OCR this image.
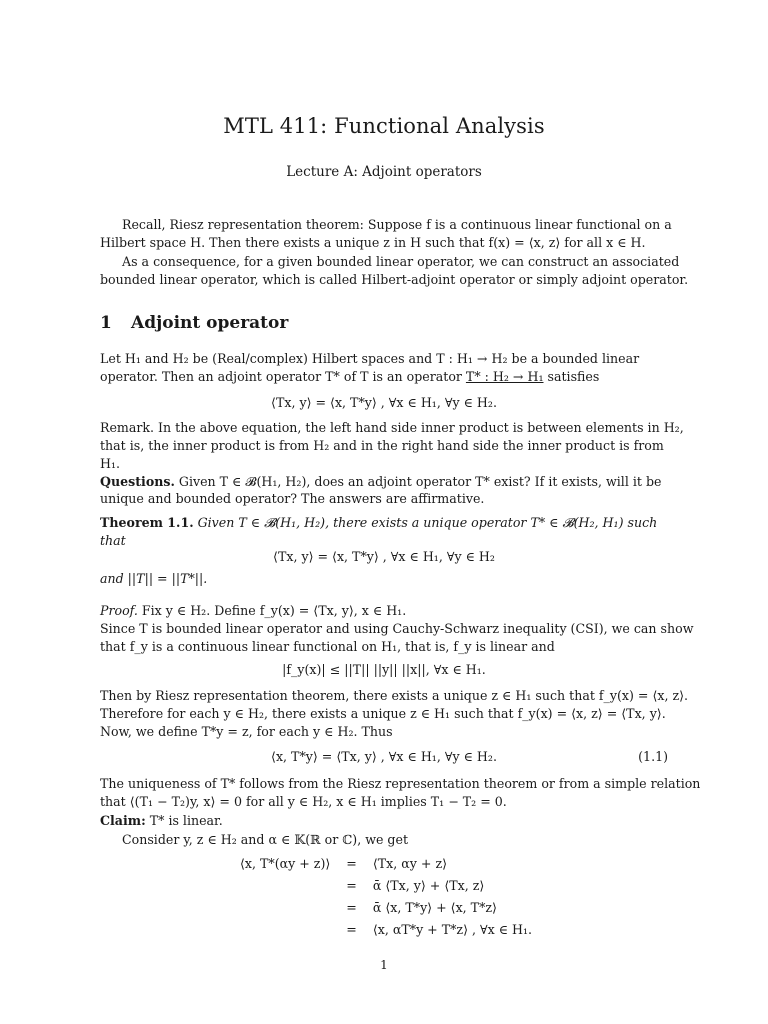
MTL 411: Functional Analysis
Lecture A: Adjoint operators
Recall, Riesz representation theorem: Suppose f is a continuous linear functional on a
Hilbert space H. Then there exists a unique z in H such that f(x) = ⟨x, z⟩ for all x ∈ H.
As a consequence, for a given bounded linear operator, we can construct an associated
bounded linear operator, which is called Hilbert-adjoint operator or simply adjoint operator.
1 Adjoint operator
Let H₁ and H₂ be (Real/complex) Hilbert spaces and T : H₁ → H₂ be a bounded linear
operator. Then an adjoint operator T* of T is an operator T* : H₂ → H₁ satisfies
⟨Tx, y⟩ = ⟨x, T*y⟩ , ∀x ∈ H₁, ∀y ∈ H₂.
Remark. In the above equation, the left hand side inner product is between elements in H₂,
that is, the inner product is from H₂ and in the right hand side the inner product is from
H₁.
Questions. Given T ∈ 𝓑(H₁, H₂), does an adjoint operator T* exist? If it exists, will it be
unique and bounded operator? The answers are affirmative.
Theorem 1.1. Given T ∈ 𝓑(H₁, H₂), there exists a unique operator T* ∈ 𝓑(H₂, H₁) such
that
⟨Tx, y⟩ = ⟨x, T*y⟩ , ∀x ∈ H₁, ∀y ∈ H₂
and ||T|| = ||T*||.
Proof. Fix y ∈ H₂. Define f_y(x) = ⟨Tx, y⟩, x ∈ H₁.
Since T is bounded linear operator and using Cauchy-Schwarz inequality (CSI), we can show
that f_y is a continuous linear functional on H₁, that is, f_y is linear and
|f_y(x)| ≤ ||T|| ||y|| ||x||, ∀x ∈ H₁.
Then by Riesz representation theorem, there exists a unique z ∈ H₁ such that f_y(x) = ⟨x, z⟩.
Therefore for each y ∈ H₂, there exists a unique z ∈ H₁ such that f_y(x) = ⟨x, z⟩ = ⟨Tx, y⟩.
Now, we define T*y = z, for each y ∈ H₂. Thus
⟨x, T*y⟩ = ⟨Tx, y⟩ , ∀x ∈ H₁, ∀y ∈ H₂.	(1.1)
The uniqueness of T* follows from the Riesz representation theorem or from a simple relation
that ⟨(T₁ − T₂)y, x⟩ = 0 for all y ∈ H₂, x ∈ H₁ implies T₁ − T₂ = 0.
Claim: T* is linear.
Consider y, z ∈ H₂ and α ∈ 𝕂(ℝ or ℂ), we get
⟨x, T*(αy + z)⟩	=	⟨Tx, αy + z⟩
	=	ᾱ ⟨Tx, y⟩ + ⟨Tx, z⟩
	=	ᾱ ⟨x, T*y⟩ + ⟨x, T*z⟩
	=	⟨x, αT*y + T*z⟩ , ∀x ∈ H₁.
1
